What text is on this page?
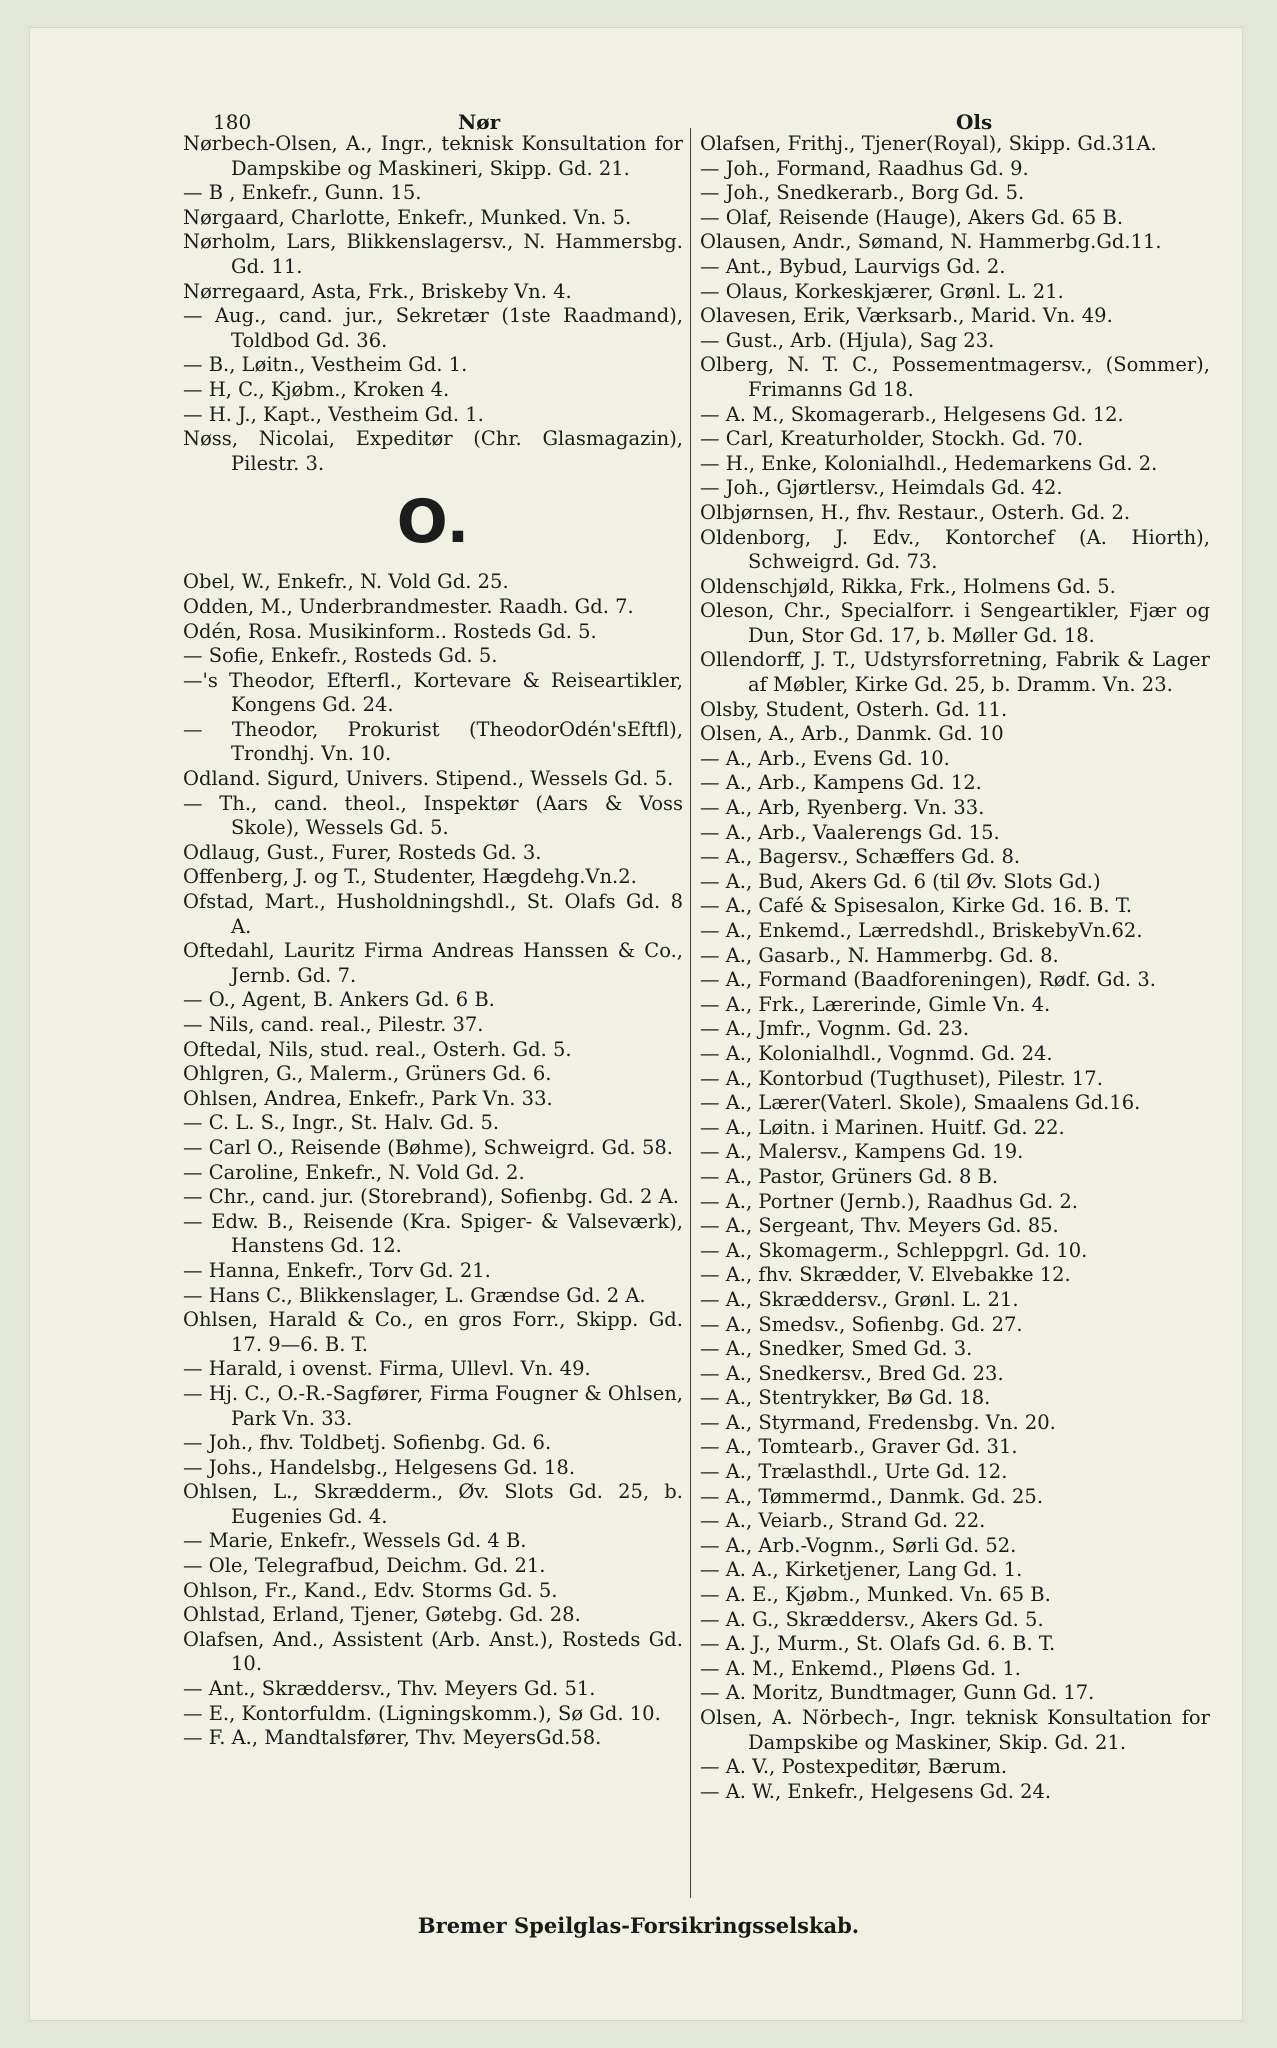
180	Nør	Ols
Nørbech-Olsen, A., Ingr., teknisk Konsultation for Dampskibe og Maskineri, Skipp. Gd. 21.
— B , Enkefr., Gunn. 15.
Nørgaard, Charlotte, Enkefr., Munked. Vn. 5.
Nørholm, Lars, Blikkenslagersv., N. Hammersbg. Gd. 11.
Nørregaard, Asta, Frk., Briskeby Vn. 4.
— Aug., cand. jur., Sekretær (1ste Raadmand), Toldbod Gd. 36.
— B., Løitn., Vestheim Gd. 1.
— H, C., Kjøbm., Kroken 4.
— H. J., Kapt., Vestheim Gd. 1.
Nøss, Nicolai, Expeditør (Chr. Glasmagazin), Pilestr. 3.
O.
Obel, W., Enkefr., N. Vold Gd. 25.
Odden, M., Underbrandmester. Raadh. Gd. 7.
Odén, Rosa. Musikinform.. Rosteds Gd. 5.
— Sofie, Enkefr., Rosteds Gd. 5.
—'s Theodor, Efterfl., Kortevare & Reiseartikler, Kongens Gd. 24.
— Theodor, Prokurist (TheodorOdén'sEftfl), Trondhj. Vn. 10.
Odland. Sigurd, Univers. Stipend., Wessels Gd. 5.
— Th., cand. theol., Inspektør (Aars & Voss Skole), Wessels Gd. 5.
Odlaug, Gust., Furer, Rosteds Gd. 3.
Offenberg, J. og T., Studenter, Hægdehg.Vn.2.
Ofstad, Mart., Husholdningshdl., St. Olafs Gd. 8 A.
Oftedahl, Lauritz Firma Andreas Hanssen & Co., Jernb. Gd. 7.
— O., Agent, B. Ankers Gd. 6 B.
— Nils, cand. real., Pilestr. 37.
Oftedal, Nils, stud. real., Osterh. Gd. 5.
Ohlgren, G., Malerm., Grüners Gd. 6.
Ohlsen, Andrea, Enkefr., Park Vn. 33.
— C. L. S., Ingr., St. Halv. Gd. 5.
— Carl O., Reisende (Bøhme), Schweigrd. Gd. 58.
— Caroline, Enkefr., N. Vold Gd. 2.
— Chr., cand. jur. (Storebrand), Sofienbg. Gd. 2 A.
— Edw. B., Reisende (Kra. Spiger- & Valseværk), Hanstens Gd. 12.
— Hanna, Enkefr., Torv Gd. 21.
— Hans C., Blikkenslager, L. Grændse Gd. 2 A.
Ohlsen, Harald & Co., en gros Forr., Skipp. Gd. 17. 9—6. B. T.
— Harald, i ovenst. Firma, Ullevl. Vn. 49.
— Hj. C., O.-R.-Sagfører, Firma Fougner & Ohlsen, Park Vn. 33.
— Joh., fhv. Toldbetj. Sofienbg. Gd. 6.
— Johs., Handelsbg., Helgesens Gd. 18.
Ohlsen, L., Skrædderm., Øv. Slots Gd. 25, b. Eugenies Gd. 4.
— Marie, Enkefr., Wessels Gd. 4 B.
— Ole, Telegrafbud, Deichm. Gd. 21.
Ohlson, Fr., Kand., Edv. Storms Gd. 5.
Ohlstad, Erland, Tjener, Gøtebg. Gd. 28.
Olafsen, And., Assistent (Arb. Anst.), Rosteds Gd. 10.
— Ant., Skræddersv., Thv. Meyers Gd. 51.
— E., Kontorfuldm. (Ligningskomm.), Sø Gd. 10.
— F. A., Mandtalsfører, Thv. MeyersGd.58.
Olafsen, Frithj., Tjener(Royal), Skipp. Gd.31A.
— Joh., Formand, Raadhus Gd. 9.
— Joh., Snedkerarb., Borg Gd. 5.
— Olaf, Reisende (Hauge), Akers Gd. 65 B.
Olausen, Andr., Sømand, N. Hammerbg.Gd.11.
— Ant., Bybud, Laurvigs Gd. 2.
— Olaus, Korkeskjærer, Grønl. L. 21.
Olavesen, Erik, Værksarb., Marid. Vn. 49.
— Gust., Arb. (Hjula), Sag 23.
Olberg, N. T. C., Possementmagersv., (Sommer), Frimanns Gd 18.
— A. M., Skomagerarb., Helgesens Gd. 12.
— Carl, Kreaturholder, Stockh. Gd. 70.
— H., Enke, Kolonialhdl., Hedemarkens Gd. 2.
— Joh., Gjørtlersv., Heimdals Gd. 42.
Olbjørnsen, H., fhv. Restaur., Osterh. Gd. 2.
Oldenborg, J. Edv., Kontorchef (A. Hiorth), Schweigrd. Gd. 73.
Oldenschjøld, Rikka, Frk., Holmens Gd. 5.
Oleson, Chr., Specialforr. i Sengeartikler, Fjær og Dun, Stor Gd. 17, b. Møller Gd. 18.
Ollendorff, J. T., Udstyrsforretning, Fabrik & Lager af Møbler, Kirke Gd. 25, b. Dramm. Vn. 23.
Olsby, Student, Osterh. Gd. 11.
Olsen, A., Arb., Danmk. Gd. 10
— A., Arb., Evens Gd. 10.
— A., Arb., Kampens Gd. 12.
— A., Arb, Ryenberg. Vn. 33.
— A., Arb., Vaalerengs Gd. 15.
— A., Bagersv., Schæffers Gd. 8.
— A., Bud, Akers Gd. 6 (til Øv. Slots Gd.)
— A., Café & Spisesalon, Kirke Gd. 16. B. T.
— A., Enkemd., Lærredshdl., BriskebyVn.62.
— A., Gasarb., N. Hammerbg. Gd. 8.
— A., Formand (Baadforeningen), Rødf. Gd. 3.
— A., Frk., Lærerinde, Gimle Vn. 4.
— A., Jmfr., Vognm. Gd. 23.
— A., Kolonialhdl., Vognmd. Gd. 24.
— A., Kontorbud (Tugthuset), Pilestr. 17.
— A., Lærer(Vaterl. Skole), Smaalens Gd.16.
— A., Løitn. i Marinen. Huitf. Gd. 22.
— A., Malersv., Kampens Gd. 19.
— A., Pastor, Grüners Gd. 8 B.
— A., Portner (Jernb.), Raadhus Gd. 2.
— A., Sergeant, Thv. Meyers Gd. 85.
— A., Skomagerm., Schleppgrl. Gd. 10.
— A., fhv. Skrædder, V. Elvebakke 12.
— A., Skræddersv., Grønl. L. 21.
— A., Smedsv., Sofienbg. Gd. 27.
— A., Snedker, Smed Gd. 3.
— A., Snedkersv., Bred Gd. 23.
— A., Stentrykker, Bø Gd. 18.
— A., Styrmand, Fredensbg. Vn. 20.
— A., Tomtearb., Graver Gd. 31.
— A., Trælasthdl., Urte Gd. 12.
— A., Tømmermd., Danmk. Gd. 25.
— A., Veiarb., Strand Gd. 22.
— A., Arb.-Vognm., Sørli Gd. 52.
— A. A., Kirketjener, Lang Gd. 1.
— A. E., Kjøbm., Munked. Vn. 65 B.
— A. G., Skræddersv., Akers Gd. 5.
— A. J., Murm., St. Olafs Gd. 6. B. T.
— A. M., Enkemd., Pløens Gd. 1.
— A. Moritz, Bundtmager, Gunn Gd. 17.
Olsen, A. Nörbech-, Ingr. teknisk Konsultation for Dampskibe og Maskiner, Skip. Gd. 21.
— A. V., Postexpeditør, Bærum.
— A. W., Enkefr., Helgesens Gd. 24.
Bremer Speilglas-Forsikringsselskab.
